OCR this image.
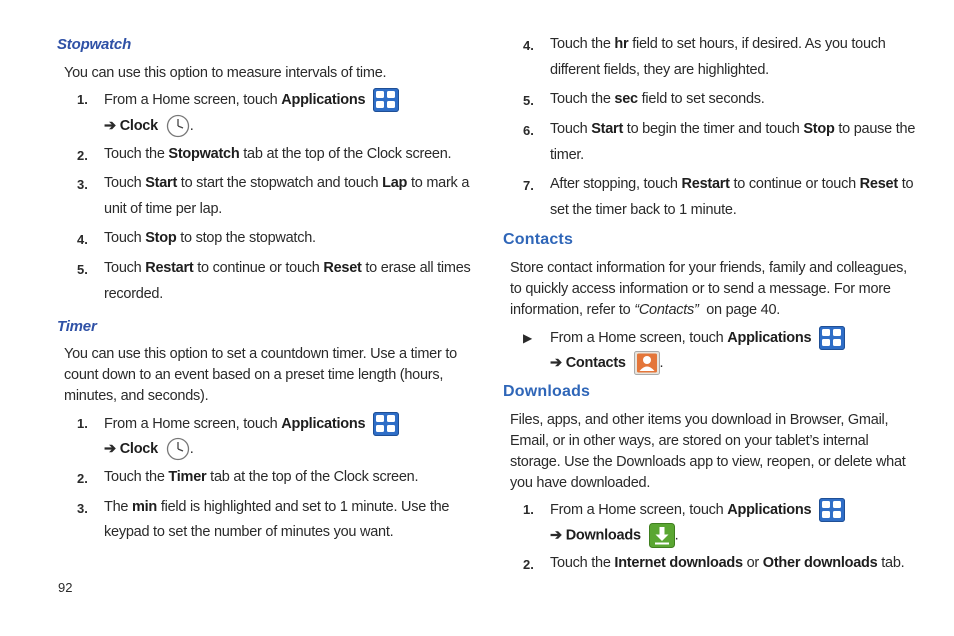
Stopwatch
You can use this option to measure intervals of time.
1. From a Home screen, touch Applications
➔ Clock .
2. Touch the Stopwatch tab at the top of the Clock screen.
3. Touch Start to start the stopwatch and touch Lap to mark a
unit of time per lap.
4. Touch Stop to stop the stopwatch.
5. Touch Restart to continue or touch Reset to erase all times
recorded.
Timer
You can use this option to set a countdown timer. Use a timer to
count down to an event based on a preset time length (hours,
minutes, and seconds).
1. From a Home screen, touch Applications
➔ Clock .
2. Touch the Timer tab at the top of the Clock screen.
3. The min field is highlighted and set to 1 minute. Use the
keypad to set the number of minutes you want.
92
4. Touch the hr field to set hours, if desired. As you touch
different fields, they are highlighted.
5. Touch the sec field to set seconds.
6. Touch Start to begin the timer and touch Stop to pause the
timer.
7. After stopping, touch Restart to continue or touch Reset to
set the timer back to 1 minute.
Contacts
Store contact information for your friends, family and colleagues,
to quickly access information or to send a message. For more
information, refer to “Contacts”  on page 40.
▶ From a Home screen, touch Applications
➔ Contacts .
Downloads
Files, apps, and other items you download in Browser, Gmail,
Email, or in other ways, are stored on your tablet’s internal
storage. Use the Downloads app to view, reopen, or delete what
you have downloaded.
1. From a Home screen, touch Applications
➔ Downloads .
2. Touch the Internet downloads or Other downloads tab.
